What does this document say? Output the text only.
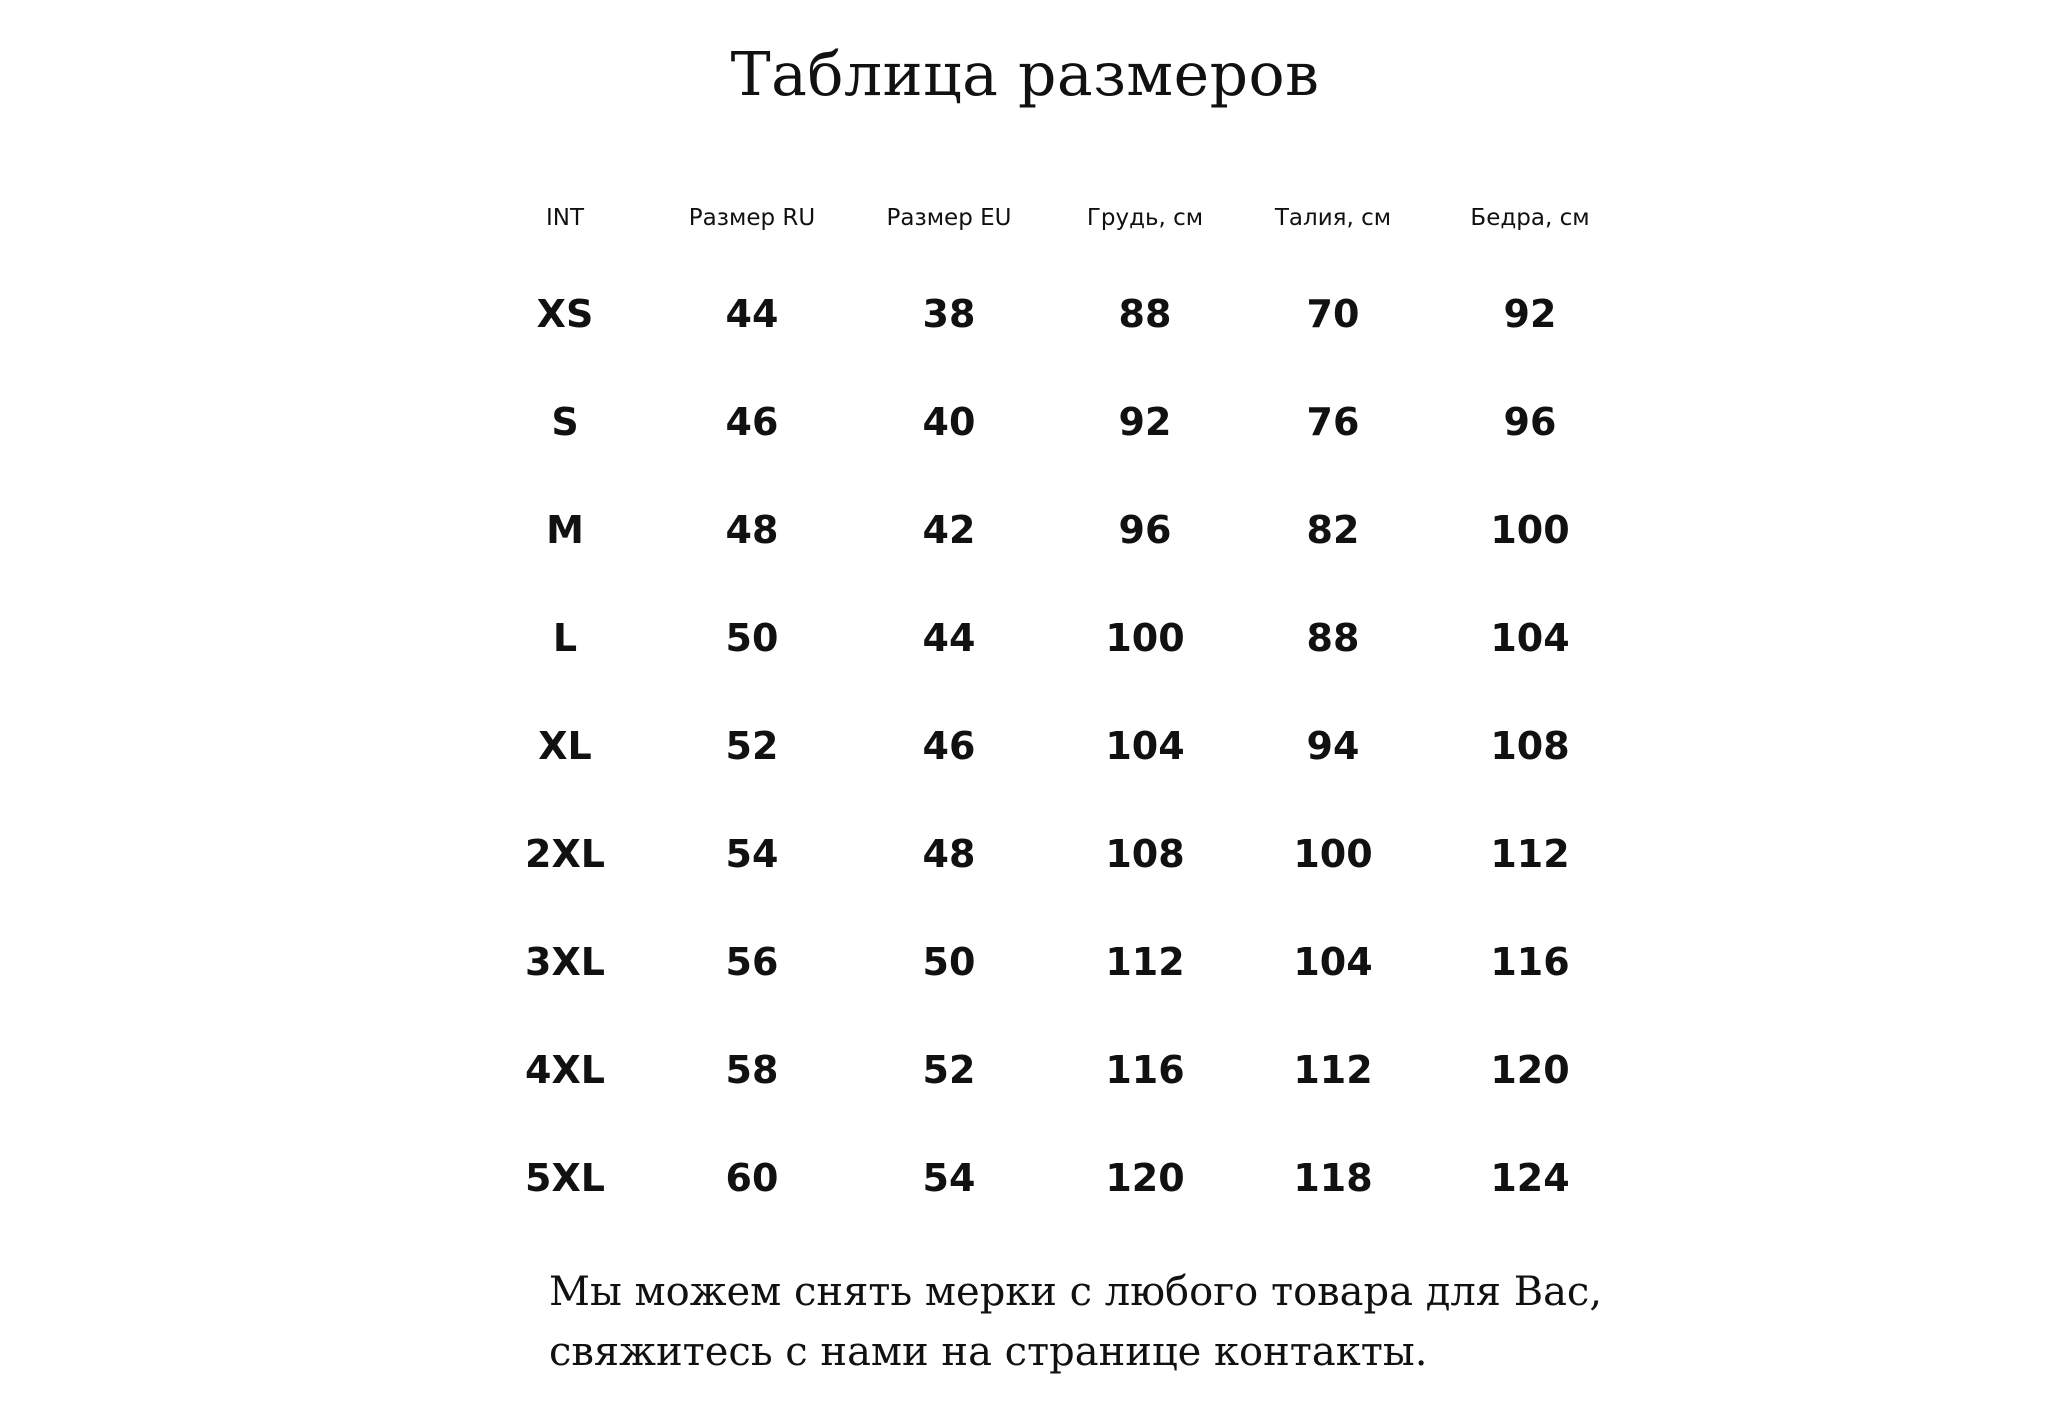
Таблица размеров
INT	Размер RU	Размер EU	Грудь, см	Талия, см	Бедра, см
XS	44	38	88	70	92
S	46	40	92	76	96
M	48	42	96	82	100
L	50	44	100	88	104
XL	52	46	104	94	108
2XL	54	48	108	100	112
3XL	56	50	112	104	116
4XL	58	52	116	112	120
5XL	60	54	120	118	124

Мы можем снять мерки с любого товара для Вас,
свяжитесь с нами на странице контакты.
